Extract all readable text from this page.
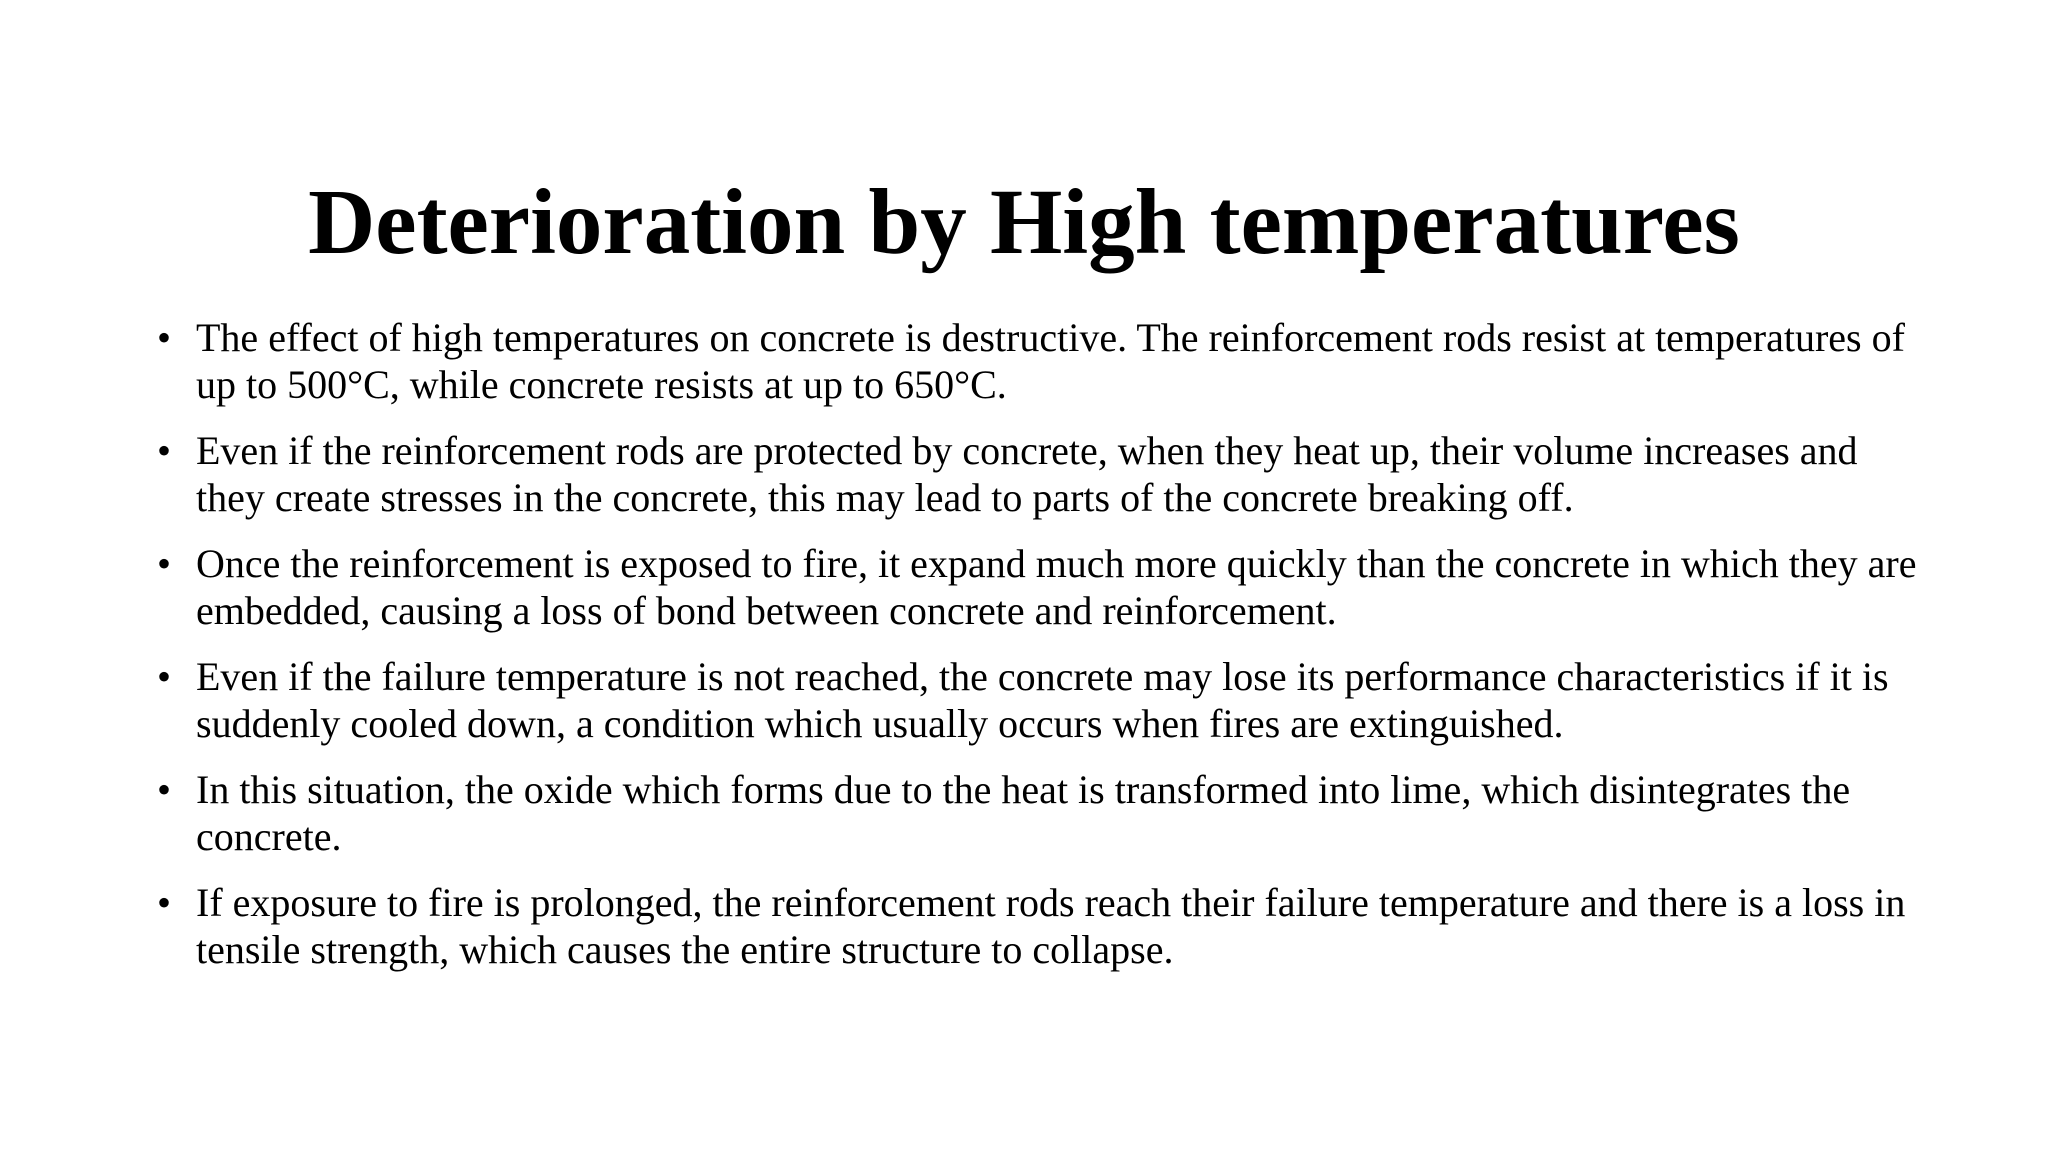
Deterioration by High temperatures
• The effect of high temperatures on concrete is destructive. The reinforcement rods resist at temperatures of up to 500°C, while concrete resists at up to 650°C.
• Even if the reinforcement rods are protected by concrete, when they heat up, their volume increases and they create stresses in the concrete, this may lead to parts of the concrete breaking off.
• Once the reinforcement is exposed to fire, it expand much more quickly than the concrete in which they are embedded, causing a loss of bond between concrete and reinforcement.
• Even if the failure temperature is not reached, the concrete may lose its performance characteristics if it is suddenly cooled down, a condition which usually occurs when fires are extinguished.
• In this situation, the oxide which forms due to the heat is transformed into lime, which disintegrates the concrete.
• If exposure to fire is prolonged, the reinforcement rods reach their failure temperature and there is a loss in tensile strength, which causes the entire structure to collapse.
